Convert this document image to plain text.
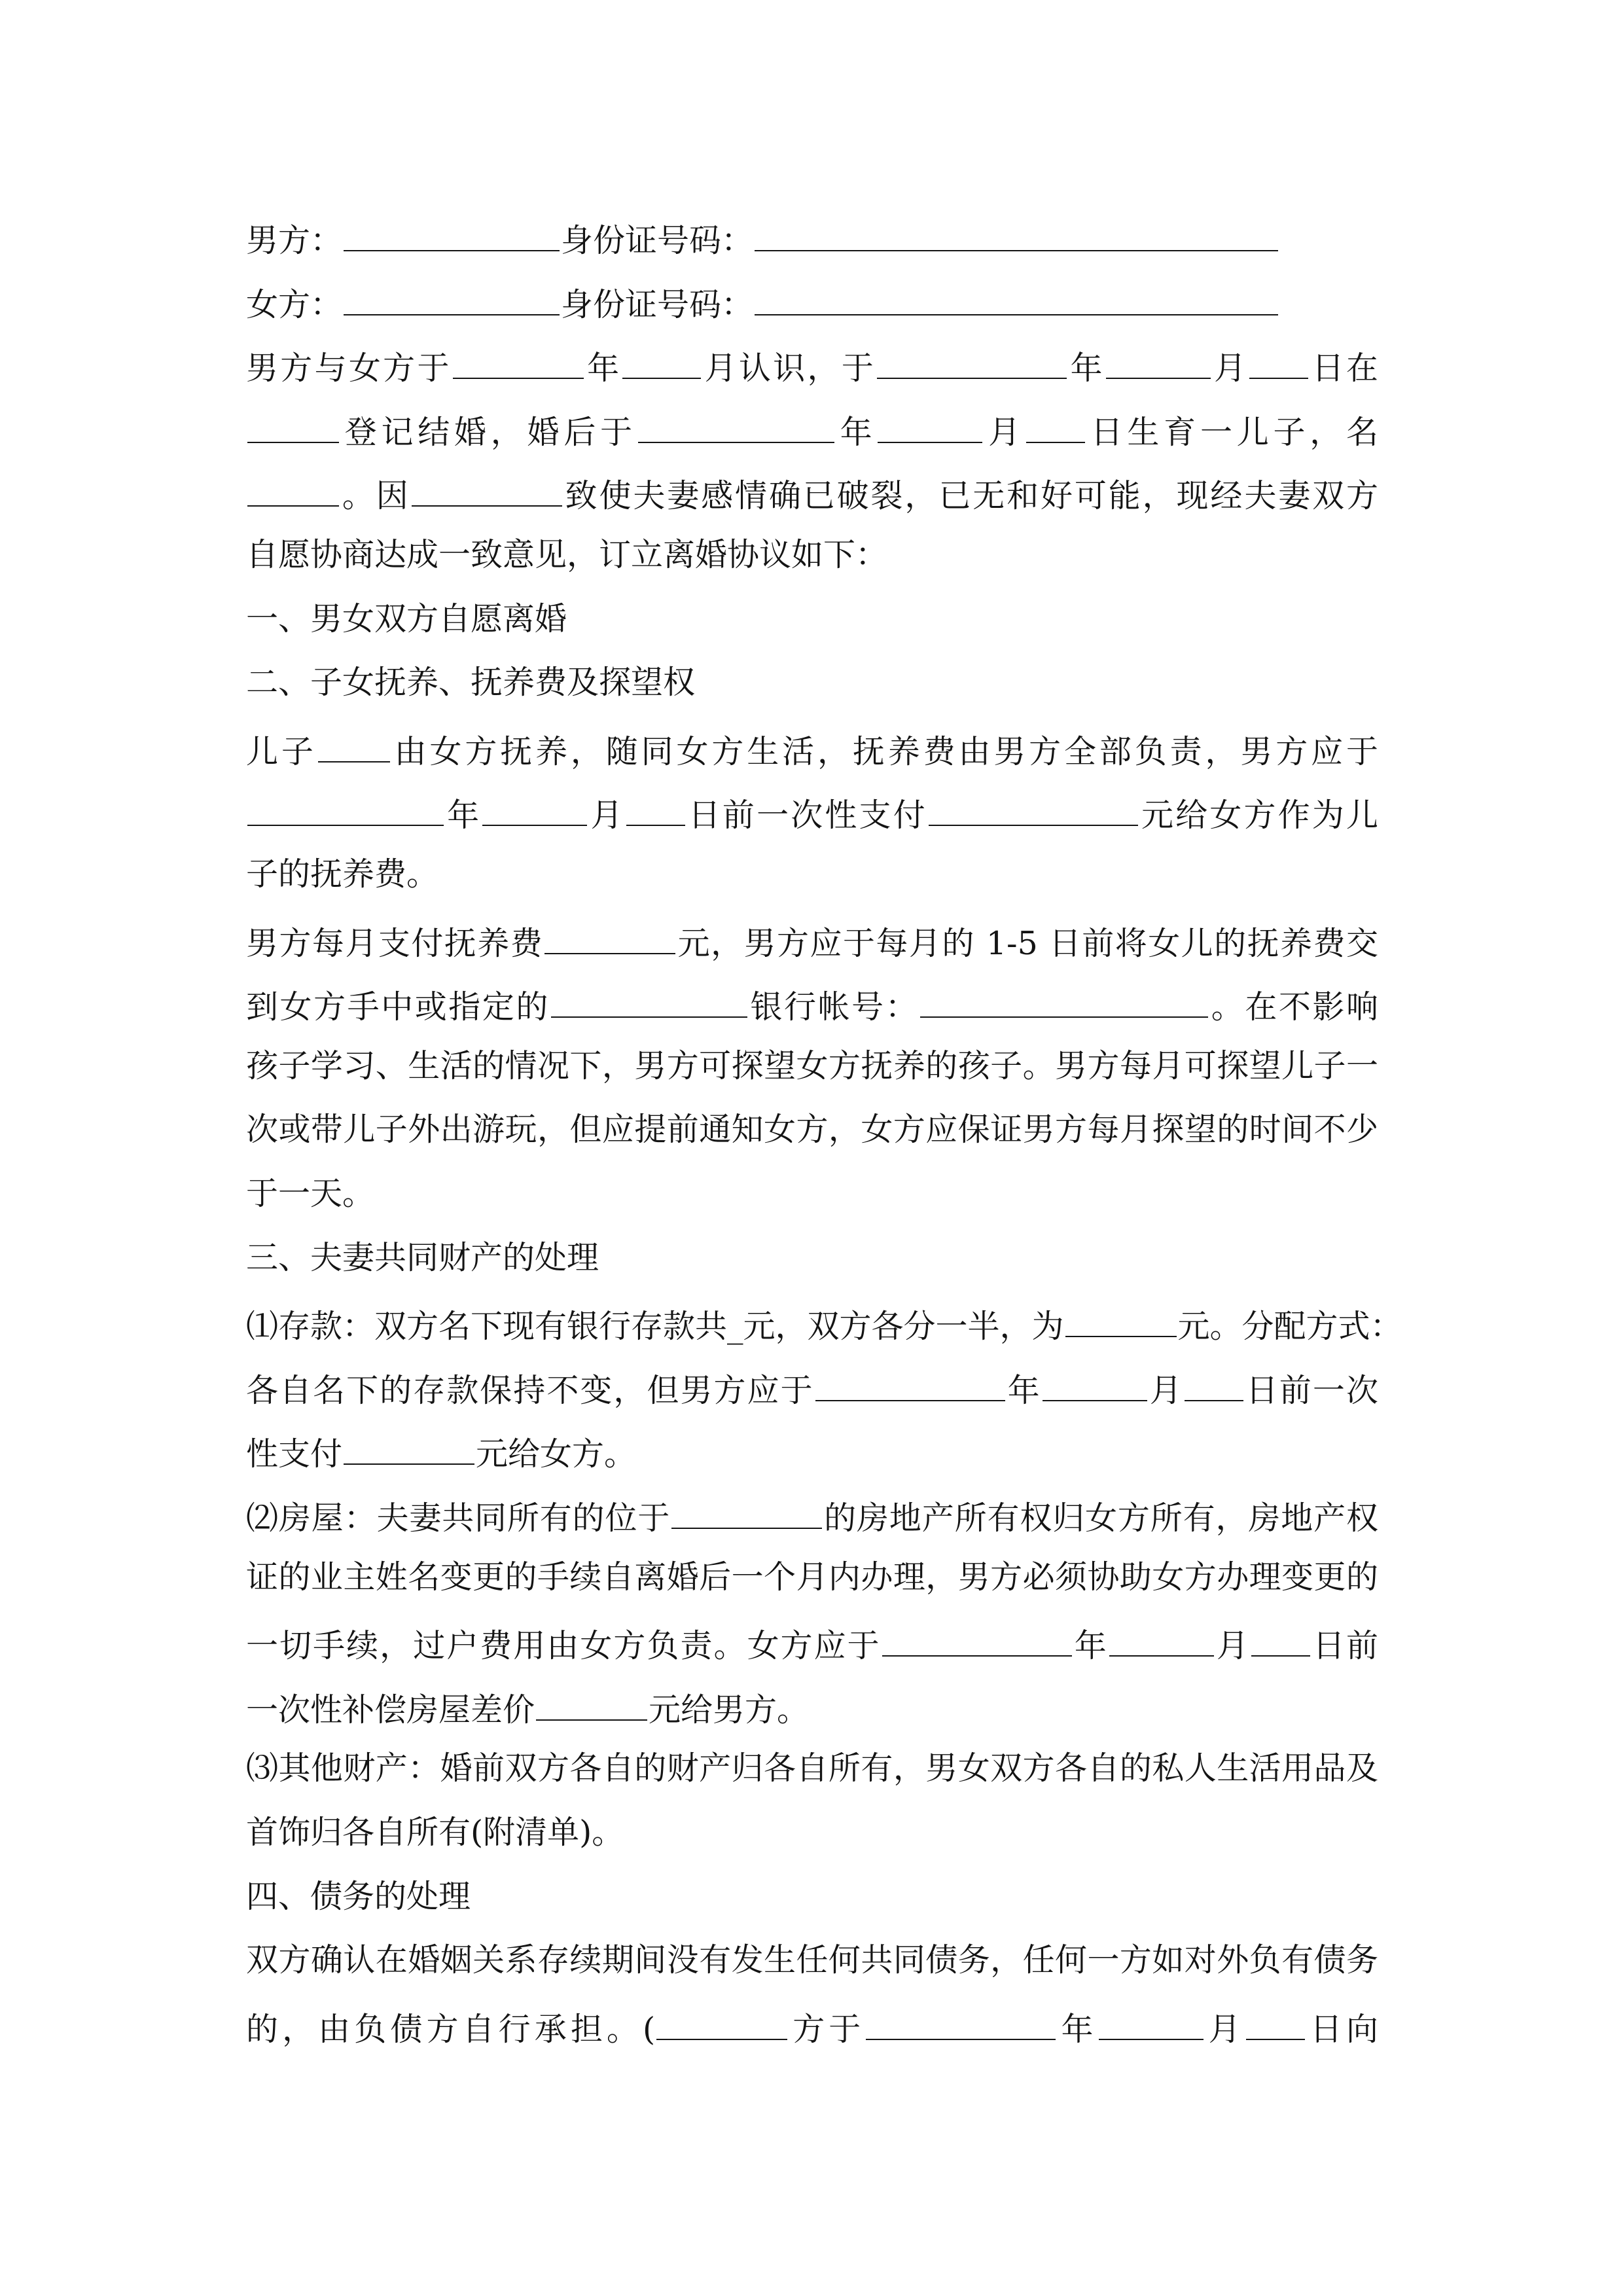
男方：	身份证号码：
女方：	身份证号码：
男方与女方于	年	月认识，于	年	月 日在
登记结婚，婚后于	年	月 日生育一儿子，名
。因	致使夫妻感情确已破裂，已无和好可能，现经夫妻双方
自愿协商达成一致意见，订立离婚协议如下：
一、男女双方自愿离婚
二、子女抚养、抚养费及探望权
儿子 由女方抚养，随同女方生活，抚养费由男方全部负责，男方应于
年	月 日前一次性支付	元给女方作为儿
子的抚养费。
男方每月支付抚养费	元，男方应于每月的 1-5 日前将女儿的抚养费交
到女方手中或指定的	银行帐号：	。在不影响
孩子学习、生活的情况下，男方可探望女方抚养的孩子。男方每月可探望儿子一
次或带儿子外出游玩，但应提前通知女方，女方应保证男方每月探望的时间不少
于一天。
三、夫妻共同财产的处理
⑴存款：双方名下现有银行存款共_元，双方各分一半，为	元。分配方式：
各自名下的存款保持不变，但男方应于	年	月 日前一次
性支付	元给女方。
⑵房屋：夫妻共同所有的位于	的房地产所有权归女方所有，房地产权
证的业主姓名变更的手续自离婚后一个月内办理，男方必须协助女方办理变更的
一切手续，过户费用由女方负责。女方应于	年	月 日前
一次性补偿房屋差价	元给男方。
⑶其他财产：婚前双方各自的财产归各自所有，男女双方各自的私人生活用品及
首饰归各自所有(附清单)。
四、债务的处理
双方确认在婚姻关系存续期间没有发生任何共同债务，任何一方如对外负有债务
的，由负债方自行承担。(	方于	年	月 日向
